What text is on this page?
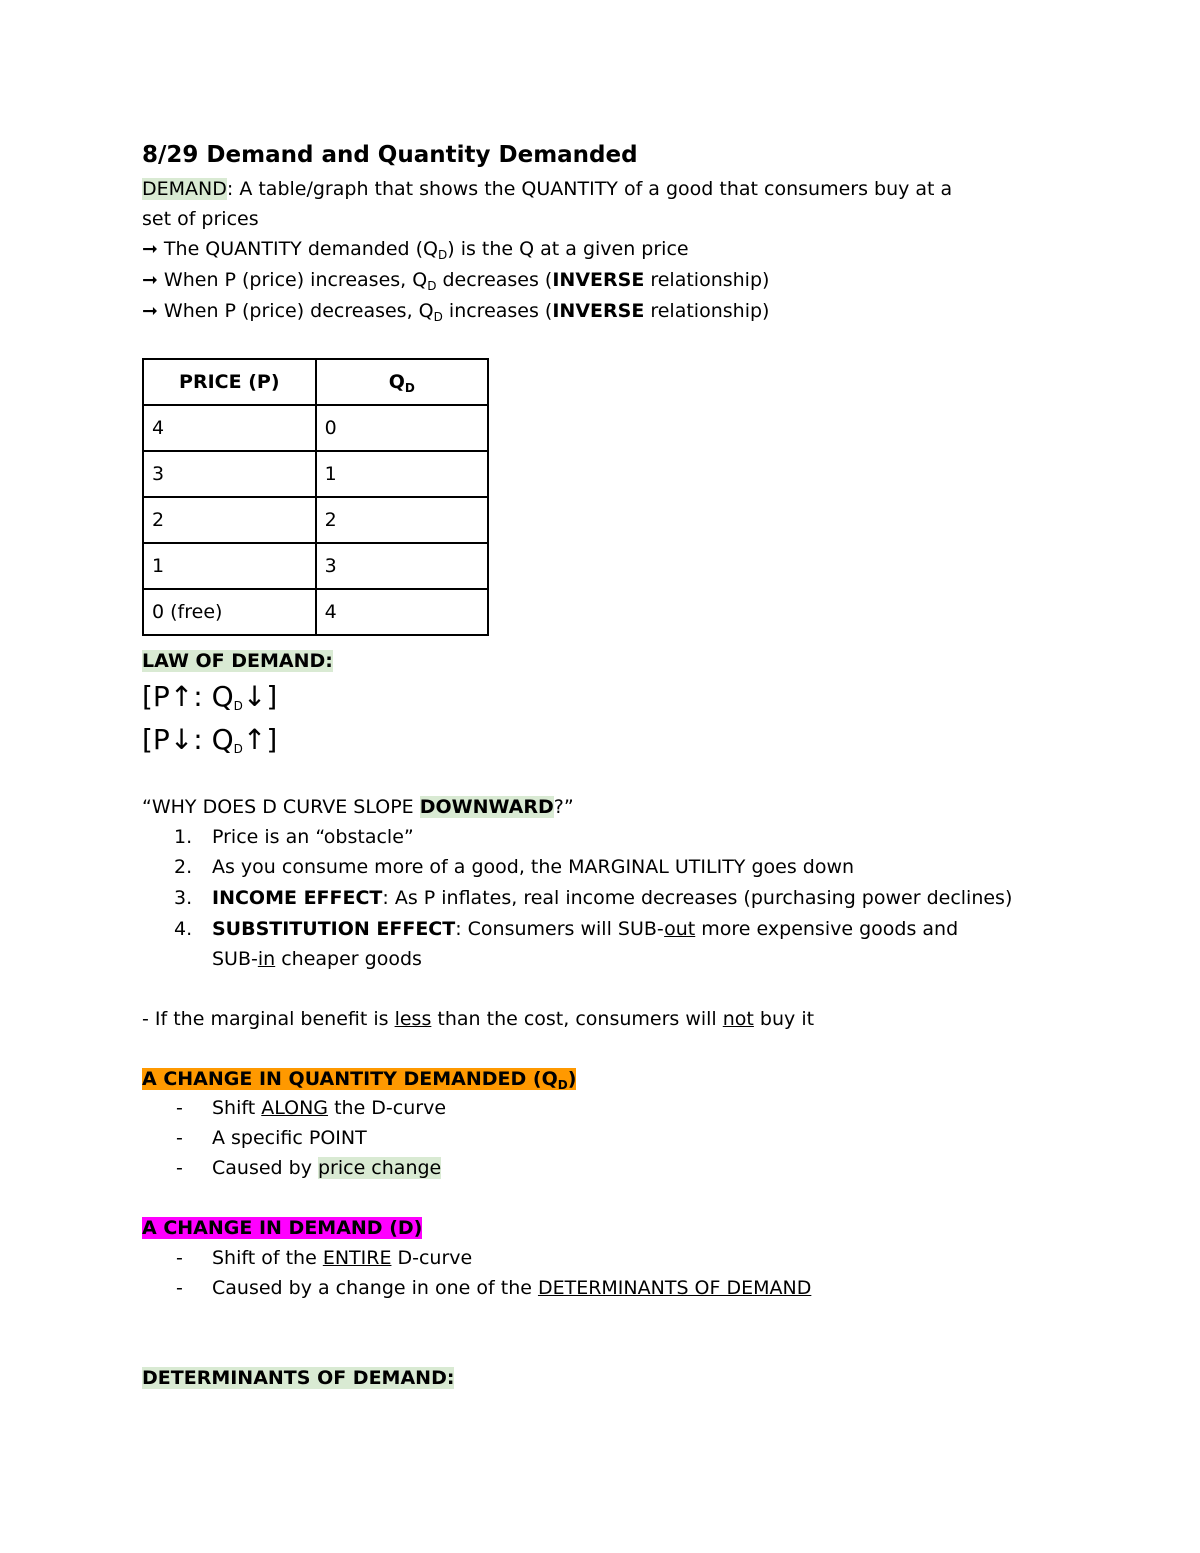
8/29 Demand and Quantity Demanded
DEMAND: A table/graph that shows the QUANTITY of a good that consumers buy at a
set of prices
➞ The QUANTITY demanded $(Q_D)$ is the Q at a given price
➞ When P (price) increases, $Q_D$ decreases (INVERSE relationship)
➞ When P (price) decreases, $Q_D$ increases (INVERSE relationship)
PRICE (P)	$Q_D$
4	0
3	1
2	2
1	3
0 (free)	4
LAW OF DEMAND:
[P↑: $Q_D↓$]
[P↓: $Q_D↑$]
“WHY DOES D CURVE SLOPE DOWNWARD?”
1. Price is an “obstacle”
2. As you consume more of a good, the MARGINAL UTILITY goes down
3. INCOME EFFECT: As P inflates, real income decreases (purchasing power declines)
4. SUBSTITUTION EFFECT: Consumers will SUB-out more expensive goods and
SUB-in cheaper goods
- If the marginal benefit is less than the cost, consumers will not buy it
A CHANGE IN QUANTITY DEMANDED $(Q_D)$
- Shift ALONG the D-curve
- A specific POINT
- Caused by price change
A CHANGE IN DEMAND (D)
- Shift of the ENTIRE D-curve
- Caused by a change in one of the DETERMINANTS OF DEMAND
DETERMINANTS OF DEMAND:
